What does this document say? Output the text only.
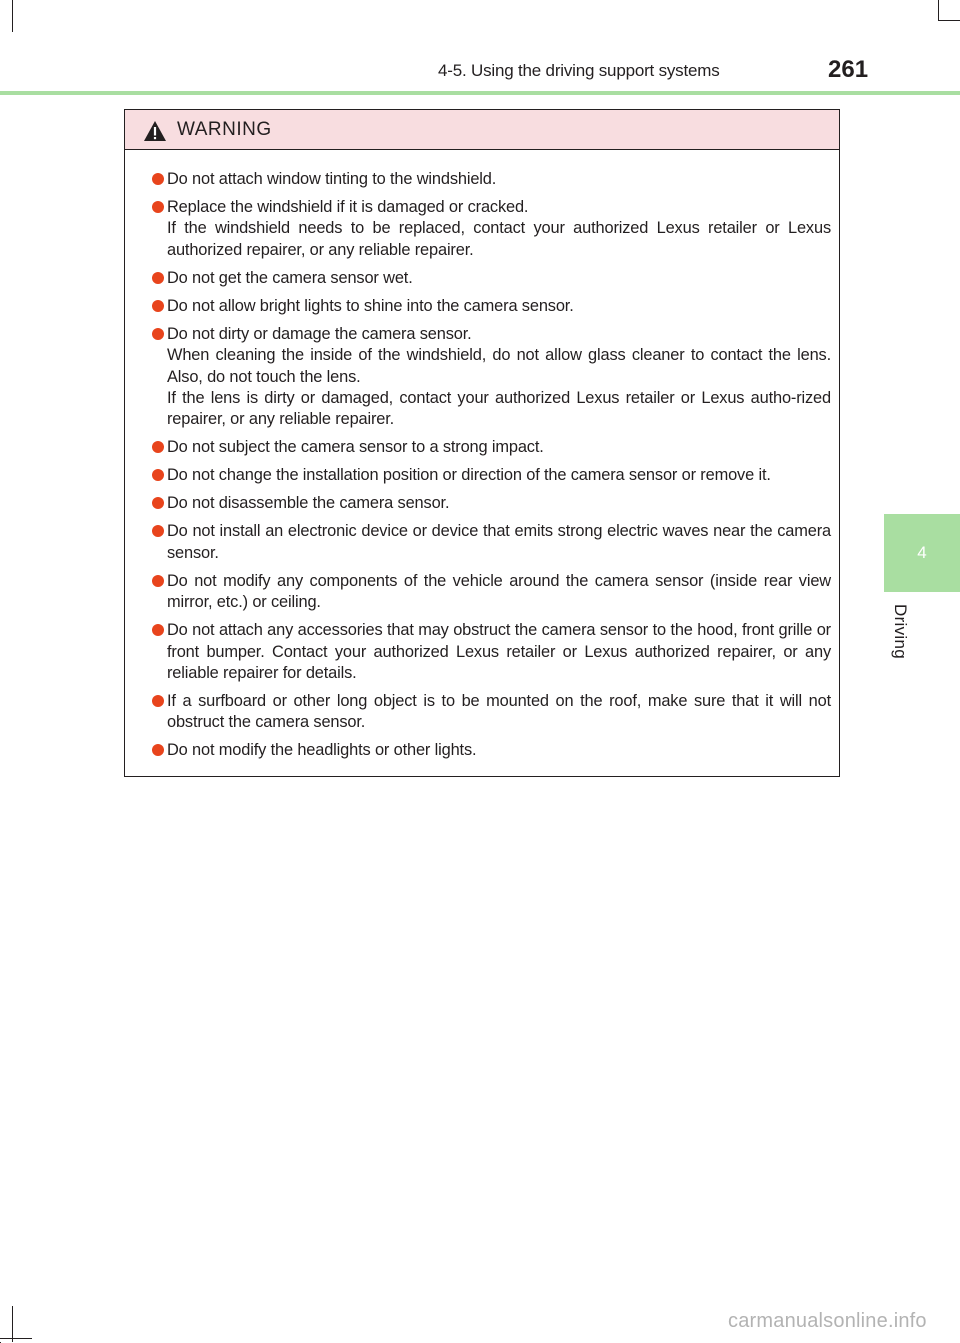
4-5. Using the driving support systems	261
4
Driving
WARNING
Do not attach window tinting to the windshield.
Replace the windshield if it is damaged or cracked.
If the windshield needs to be replaced, contact your authorized Lexus retailer or Lexus authorized repairer, or any reliable repairer.
Do not get the camera sensor wet.
Do not allow bright lights to shine into the camera sensor.
Do not dirty or damage the camera sensor.
When cleaning the inside of the windshield, do not allow glass cleaner to contact the lens. Also, do not touch the lens.
If the lens is dirty or damaged, contact your authorized Lexus retailer or Lexus autho-rized repairer, or any reliable repairer.
Do not subject the camera sensor to a strong impact.
Do not change the installation position or direction of the camera sensor or remove it.
Do not disassemble the camera sensor.
Do not install an electronic device or device that emits strong electric waves near the camera sensor.
Do not modify any components of the vehicle around the camera sensor (inside rear view mirror, etc.) or ceiling.
Do not attach any accessories that may obstruct the camera sensor to the hood, front grille or front bumper. Contact your authorized Lexus retailer or Lexus authorized repairer, or any reliable repairer for details.
If a surfboard or other long object is to be mounted on the roof, make sure that it will not obstruct the camera sensor.
Do not modify the headlights or other lights.
carmanualsonline.info
